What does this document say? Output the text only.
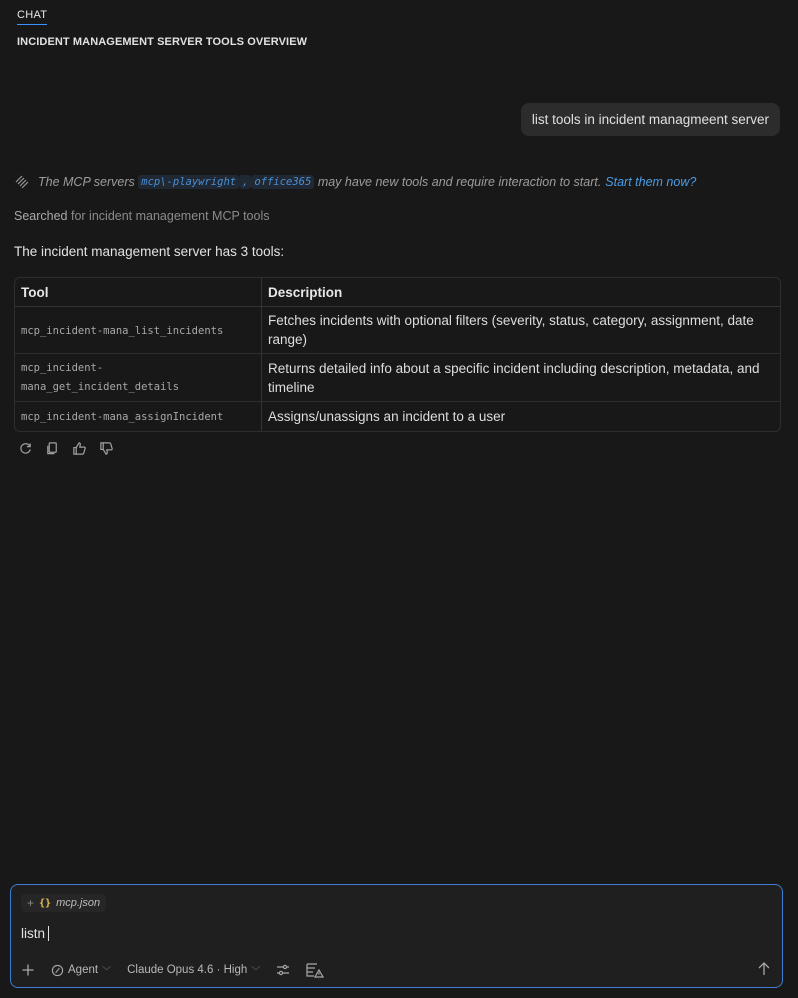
CHAT
INCIDENT MANAGEMENT SERVER TOOLS OVERVIEW
list tools in incident managmeent server
The MCP servers
mcp\-playwright , office365
may have new tools and require interaction to start. Start them now?
Searched for incident management MCP tools
The incident management server has 3 tools:
Tool	Description
mcp_incident-mana_list_incidents	Fetches incidents with optional filters (severity, status, category, assignment, date range)

mcp_incident-
mana_get_incident_details	Returns detailed info about a specific incident including description, metadata, and timeline
mcp_incident-mana_assignIncident	Assigns/unassigns an incident to a user
+ {} mcp.json
listn
Agent ﹀ Claude Opus 4.6 · High ﹀
